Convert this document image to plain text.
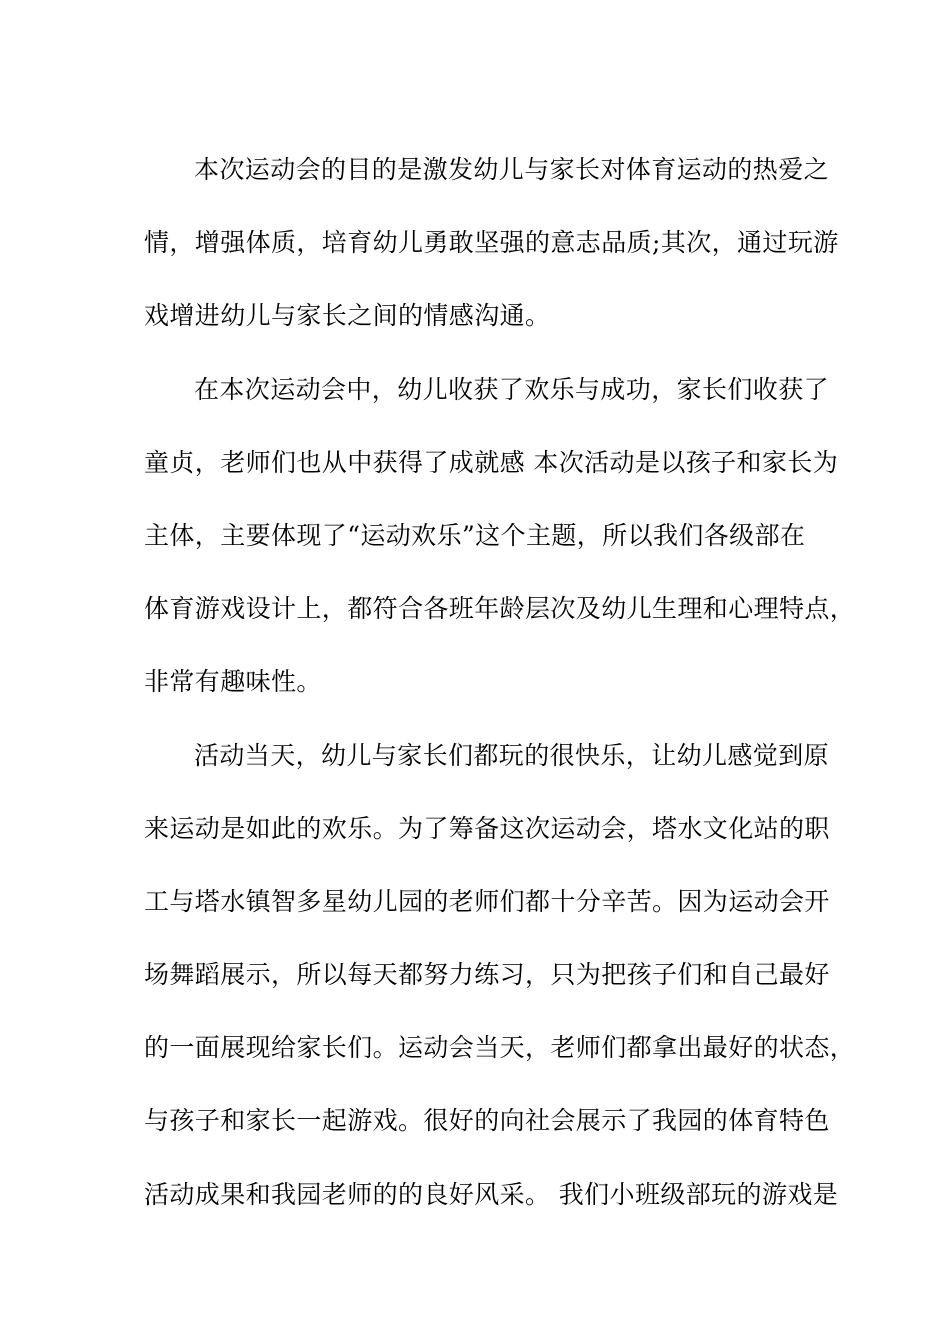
本次运动会的目的是激发幼儿与家长对体育运动的热爱之
情，增强体质，培育幼儿勇敢坚强的意志品质;其次，通过玩游
戏增进幼儿与家长之间的情感沟通。
在本次运动会中，幼儿收获了欢乐与成功，家长们收获了
童贞，老师们也从中获得了成就感 本次活动是以孩子和家长为
主体，主要体现了“运动欢乐”这个主题，所以我们各级部在
体育游戏设计上，都符合各班年龄层次及幼儿生理和心理特点，
非常有趣味性。
活动当天，幼儿与家长们都玩的很快乐，让幼儿感觉到原
来运动是如此的欢乐。为了筹备这次运动会，塔水文化站的职
工与塔水镇智多星幼儿园的老师们都十分辛苦。因为运动会开
场舞蹈展示，所以每天都努力练习，只为把孩子们和自己最好
的一面展现给家长们。运动会当天，老师们都拿出最好的状态，
与孩子和家长一起游戏。很好的向社会展示了我园的体育特色
活动成果和我园老师的的良好风采。 我们小班级部玩的游戏是
